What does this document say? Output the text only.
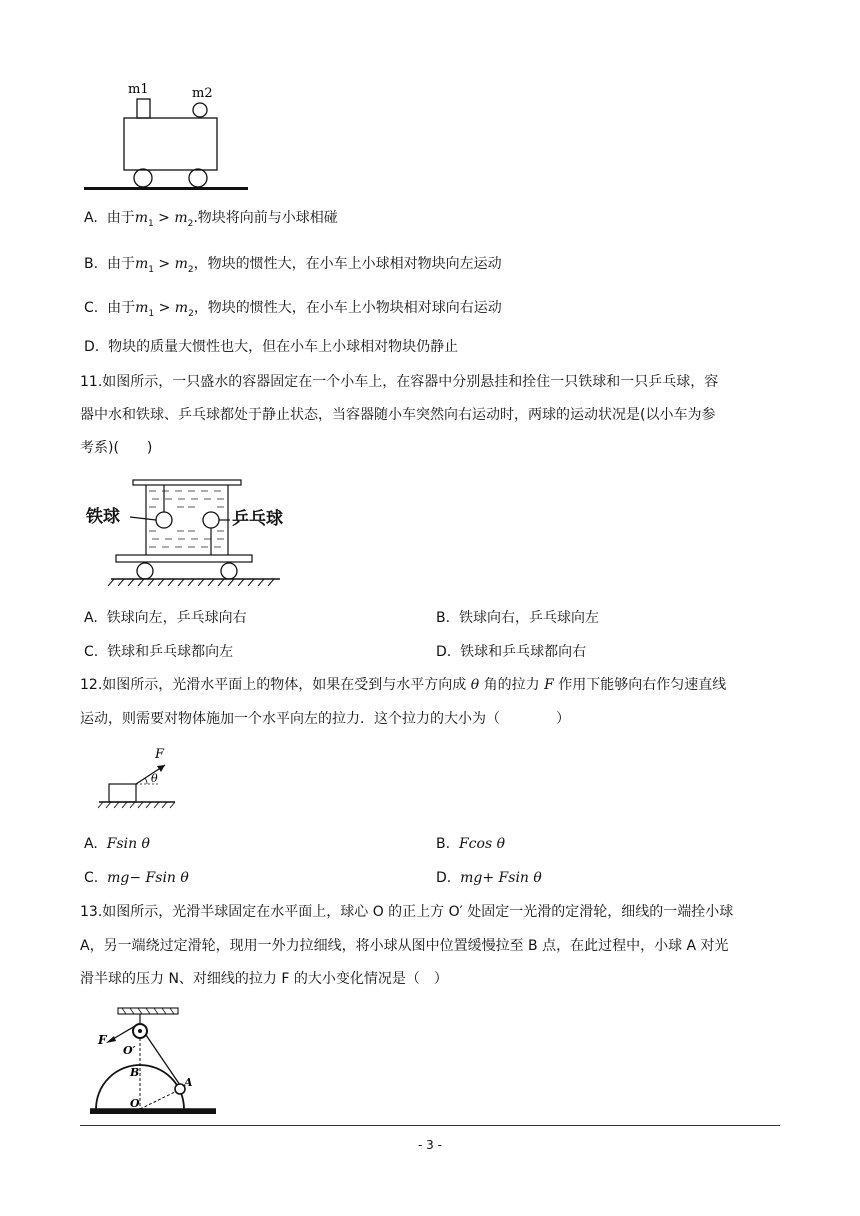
m1	m2
A. 由于$m_1 > m_2$.物块将向前与小球相碰
B. 由于$m_1 > m_2$，物块的惯性大，在小车上小球相对物块向左运动
C. 由于$m_1 > m_2$，物块的惯性大，在小车上小物块相对球向右运动
D. 物块的质量大惯性也大，但在小车上小球相对物块仍静止
11.如图所示，一只盛水的容器固定在一个小车上，在容器中分别悬挂和拴住一只铁球和一只乒乓球，容
器中水和铁球、乒乓球都处于静止状态，当容器随小车突然向右运动时，两球的运动状况是(以小车为参
考系)(　　)
铁球	乒乓球
A. 铁球向左，乒乓球向右	B. 铁球向右，乒乓球向左
C. 铁球和乒乓球都向左	D. 铁球和乒乓球都向右
12.如图所示，光滑水平面上的物体，如果在受到与水平方向成 θ 角的拉力 F 作用下能够向右作匀速直线
运动，则需要对物体施加一个水平向左的拉力．这个拉力的大小为（　　　　）
F
θ
A. Fsin θ	B. Fcos θ
C. mg− Fsin θ	D. mg+ Fsin θ
13.如图所示，光滑半球固定在水平面上，球心 O 的正上方 O′ 处固定一光滑的定滑轮，细线的一端拴小球
A，另一端绕过定滑轮，现用一外力拉细线，将小球从图中位置缓慢拉至 B 点，在此过程中，小球 A 对光
滑半球的压力 N、对细线的拉力 F 的大小变化情况是（　）
F
O′
B
A
O
- 3 -
